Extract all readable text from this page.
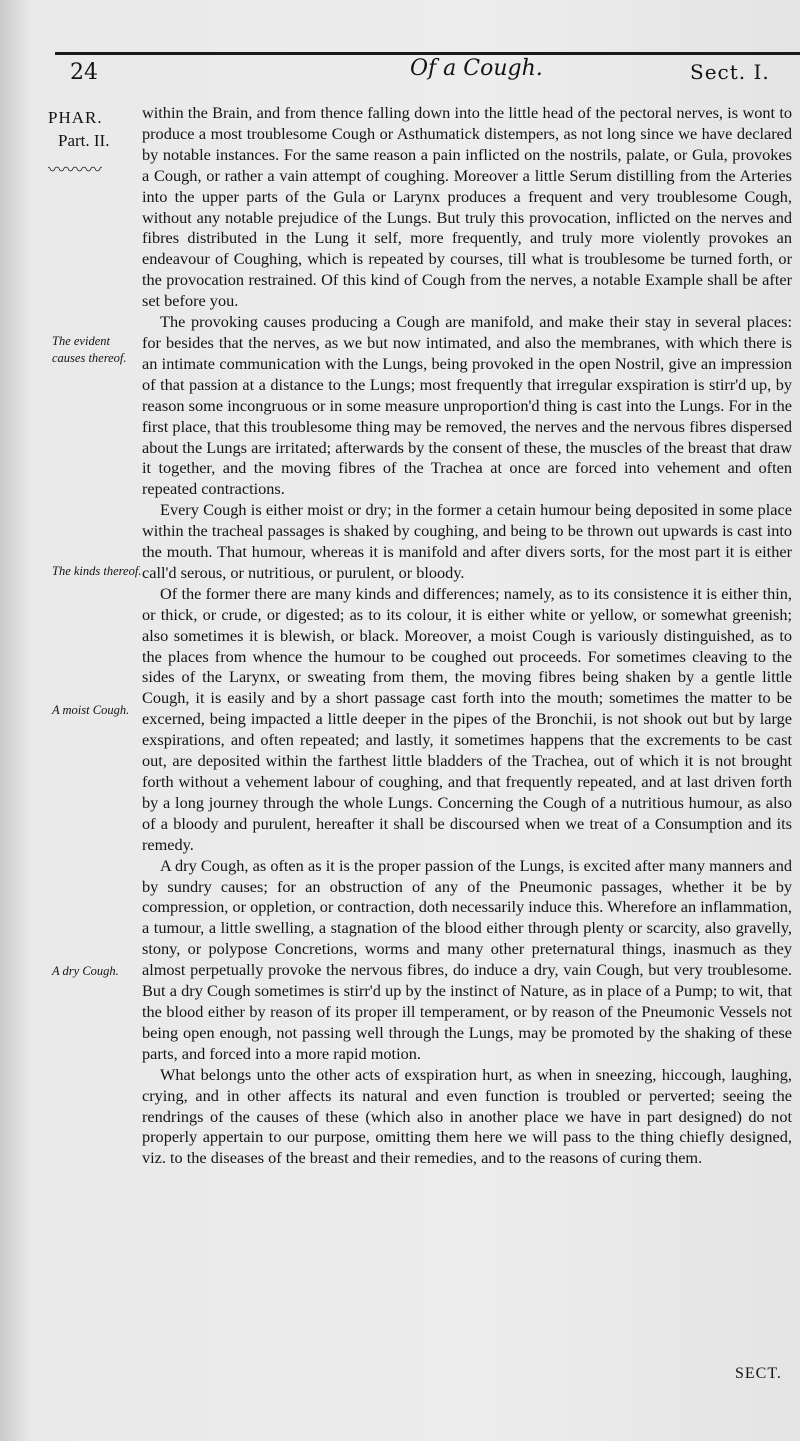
24	Of a Cough.	Sect. I.
PHAR.
Part. II.
〰〰〰
The evident causes thereof.
The kinds thereof.
A moist Cough.
A dry Cough.

within the Brain, and from thence falling down into the little head of the pectoral nerves, is wont to produce a most troublesome Cough or Asthumatick distempers, as not long since we have declared by notable instances. For the same reason a pain inflicted on the nostrils, palate, or Gula, provokes a Cough, or rather a vain attempt of coughing. Moreover a little Serum distilling from the Arteries into the upper parts of the Gula or Larynx produces a frequent and very troublesome Cough, without any notable prejudice of the Lungs. But truly this provocation, inflicted on the nerves and fibres distributed in the Lung it self, more frequently, and truly more violently provokes an endeavour of Coughing, which is repeated by courses, till what is troublesome be turned forth, or the provocation restrained. Of this kind of Cough from the nerves, a notable Example shall be after set before you.

The provoking causes producing a Cough are manifold, and make their stay in several places: for besides that the nerves, as we but now intimated, and also the membranes, with which there is an intimate communication with the Lungs, being provoked in the open Nostril, give an impression of that passion at a distance to the Lungs; most frequently that irregular exspiration is stirr'd up, by reason some incongruous or in some measure unproportion'd thing is cast into the Lungs. For in the first place, that this troublesome thing may be removed, the nerves and the nervous fibres dispersed about the Lungs are irritated; afterwards by the consent of these, the muscles of the breast that draw it together, and the moving fibres of the Trachea at once are forced into vehement and often repeated contractions.

Every Cough is either moist or dry; in the former a cetain humour being deposited in some place within the tracheal passages is shaked by coughing, and being to be thrown out upwards is cast into the mouth. That humour, whereas it is manifold and after divers sorts, for the most part it is either call'd serous, or nutritious, or purulent, or bloody.

Of the former there are many kinds and differences; namely, as to its consistence it is either thin, or thick, or crude, or digested; as to its colour, it is either white or yellow, or somewhat greenish; also sometimes it is blewish, or black. Moreover, a moist Cough is variously distinguished, as to the places from whence the humour to be coughed out proceeds. For sometimes cleaving to the sides of the Larynx, or sweating from them, the moving fibres being shaken by a gentle little Cough, it is easily and by a short passage cast forth into the mouth; sometimes the matter to be excerned, being impacted a little deeper in the pipes of the Bronchii, is not shook out but by large exspirations, and often repeated; and lastly, it sometimes happens that the excrements to be cast out, are deposited within the farthest little bladders of the Trachea, out of which it is not brought forth without a vehement labour of coughing, and that frequently repeated, and at last driven forth by a long journey through the whole Lungs. Concerning the Cough of a nutritious humour, as also of a bloody and purulent, hereafter it shall be discoursed when we treat of a Consumption and its remedy.

A dry Cough, as often as it is the proper passion of the Lungs, is excited after many manners and by sundry causes; for an obstruction of any of the Pneumonic passages, whether it be by compression, or oppletion, or contraction, doth necessarily induce this. Wherefore an inflammation, a tumour, a little swelling, a stagnation of the blood either through plenty or scarcity, also gravelly, stony, or polypose Concretions, worms and many other preternatural things, inasmuch as they almost perpetually provoke the nervous fibres, do induce a dry, vain Cough, but very troublesome. But a dry Cough sometimes is stirr'd up by the instinct of Nature, as in place of a Pump; to wit, that the blood either by reason of its proper ill temperament, or by reason of the Pneumonic Vessels not being open enough, not passing well through the Lungs, may be promoted by the shaking of these parts, and forced into a more rapid motion.

What belongs unto the other acts of exspiration hurt, as when in sneezing, hiccough, laughing, crying, and in other affects its natural and even function is troubled or perverted; seeing the rendrings of the causes of these (which also in another place we have in part designed) do not properly appertain to our purpose, omitting them here we will pass to the thing chiefly designed, viz. to the diseases of the breast and their remedies, and to the reasons of curing them.

SECT.
